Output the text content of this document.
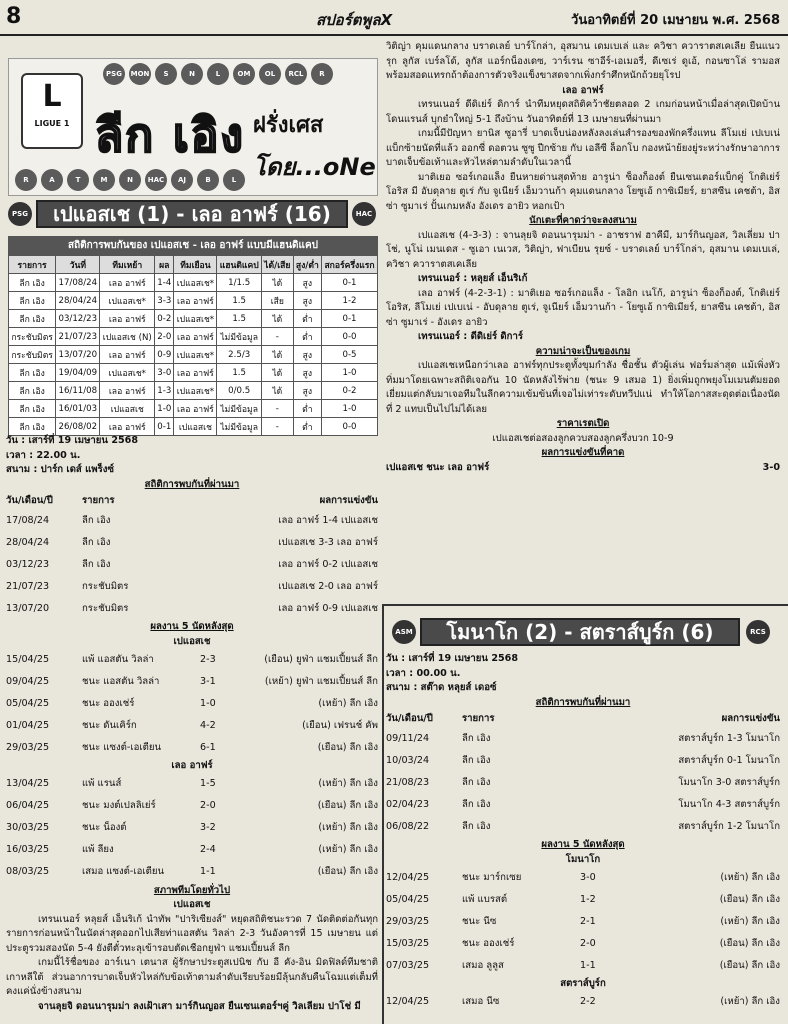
8	สปอร์ตพูลX	วันอาทิตย์ที่ 20 เมษายน พ.ศ. 2568
L
LIGUE 1
PSG	MON	S	N	L	OM	OL	RCL	R
ลีก เอิง ฝรั่งเศส
โดย...oNe
R	A	T	M	N	HAC	AJ	B	L
PSG	เปแอสเช (1) - เลอ อาฟร์ (16)	HAC
สถิติการพบกันของ เปแอสเช - เลอ อาฟร์ แบบมีแฮนดิแคป
รายการ	วันที่	ทีมเหย้า	ผล	ทีมเยือน	แฮนดิแคป	ได้/เสีย	สูง/ต่ำ	สกอร์ครึ่งแรก
ลีก เอิง	17/08/24	เลอ อาฟร์	1-4	เปแอสเช*	1/1.5	ได้	สูง	0-1
ลีก เอิง	28/04/24	เปแอสเช*	3-3	เลอ อาฟร์	1.5	เสีย	สูง	1-2
ลีก เอิง	03/12/23	เลอ อาฟร์	0-2	เปแอสเช*	1.5	ได้	ต่ำ	0-1
กระชับมิตร	21/07/23	เปแอสเช (N)	2-0	เลอ อาฟร์	ไม่มีข้อมูล	-	ต่ำ	0-0
กระชับมิตร	13/07/20	เลอ อาฟร์	0-9	เปแอสเช*	2.5/3	ได้	สูง	0-5
ลีก เอิง	19/04/09	เปแอสเช*	3-0	เลอ อาฟร์	1.5	ได้	สูง	1-0
ลีก เอิง	16/11/08	เลอ อาฟร์	1-3	เปแอสเช*	0/0.5	ได้	สูง	0-2
ลีก เอิง	16/01/03	เปแอสเช	1-0	เลอ อาฟร์	ไม่มีข้อมูล	-	ต่ำ	1-0
ลีก เอิง	26/08/02	เลอ อาฟร์	0-1	เปแอสเช	ไม่มีข้อมูล	-	ต่ำ	0-0
วัน : เสาร์ที่ 19 เมษายน 2568
เวลา : 22.00 น.
สนาม : ปาร์ก เดส์ แพร็งซ์
สถิติการพบกันที่ผ่านมา
วัน/เดือน/ปี	รายการ	ผลการแข่งขัน
17/08/24	ลีก เอิง	เลอ อาฟร์ 1-4 เปแอสเช
28/04/24	ลีก เอิง	เปแอสเช 3-3 เลอ อาฟร์
03/12/23	ลีก เอิง	เลอ อาฟร์ 0-2 เปแอสเช
21/07/23	กระชับมิตร	เปแอสเช 2-0 เลอ อาฟร์
13/07/20	กระชับมิตร	เลอ อาฟร์ 0-9 เปแอสเช
ผลงาน 5 นัดหลังสุด
เปแอสเช
15/04/25	แพ้ แอสตัน วิลล่า	2-3	(เยือน) ยูฟ่า แชมเปี้ยนส์ ลีก
09/04/25	ชนะ แอสตัน วิลล่า	3-1	(เหย้า) ยูฟ่า แชมเปี้ยนส์ ลีก
05/04/25	ชนะ อองเช่ร์	1-0	(เหย้า) ลีก เอิง
01/04/25	ชนะ ดันเคิร์ก	4-2	(เยือน) เฟรนช์ คัพ
29/03/25	ชนะ แซงต์-เอเตียน	6-1	(เยือน) ลีก เอิง
เลอ อาฟร์
13/04/25	แพ้ แรนส์	1-5	(เหย้า) ลีก เอิง
06/04/25	ชนะ มงต์เปลลิเย่ร์	2-0	(เยือน) ลีก เอิง
30/03/25	ชนะ น็องต์	3-2	(เหย้า) ลีก เอิง
16/03/25	แพ้ ลียง	2-4	(เหย้า) ลีก เอิง
08/03/25	เสมอ แซงต์-เอเตียน	1-1	(เยือน) ลีก เอิง
สภาพทีมโดยทั่วไป
เปแอสเช

เทรนเนอร์ หลุยส์ เอ็นริเก้ นำทัพ "ปาริเซียงส์" หยุดสถิติชนะรวด 7 นัดติดต่อกันทุกรายการก่อนหน้าในนัดล่าสุดออกไปเสียท่าแอสตัน วิลล่า 2-3 วันอังคารที่ 15 เมษายน แต่ประตูรวมสองนัด 5-4 ยังตีตั๋วทะลุเข้ารอบตัดเชือกยูฟ่า แชมเปี้ยนส์ ลีก

เกมนี้ไร้ชื่อของ อาร์เนา เตนาส ผู้รักษาประตูสเปนิช กับ อี คัง-อิน มิดฟิลด์ทีมชาติเกาหลีใต้ ส่วนอาการบาดเจ็บหัวไหล่กับข้อเท้าตามลำดับเรียบร้อยมีลุ้นกลับคืนโฉมแต่เต็มที่คงแค่นั่งข้างสนาม

จานลุยจิ ดอนนารุมม่า ลงเฝ้าเสา มาร์กินญอส ยืนเซนเตอร์ฯคู่ วิลเลียม ปาโช่ มี

วิติญ่า คุมแดนกลาง บราดเลย์ บาร์โกล่า, อุสมาน เดมเบเล่ และ ควิชา ควาราตสเคเลีย ยืนแนวรุก ลูกัส เบร์ลโด้, ลูกัส แอร์กน็องเดซ, วาร์เรน ซาอีร์-เอเมอรี่, ดีเซเร่ ดูเอ้, กอนซาโล่ รามอส พร้อมสอดแทรกถ้าต้องการตัวจริงแข็งขาสดจากเพิ่งกรำศึกหนักถ้วยยุโรป

เลอ อาฟร์

เทรนเนอร์ ดีดิเย่ร์ ดิการ์ นำทีมหยุดสถิติคว้าชัยตลอด 2 เกมก่อนหน้าเมื่อล่าสุดเปิดบ้านโดนแรนส์ บุกยำใหญ่ 5-1 ถึงบ้าน วันอาทิตย์ที่ 13 เมษายนที่ผ่านมา

เกมนี้มีปัญหา ยานิส ซูอารี่ บาดเจ็บน่องหลังลงเล่นสำรองของพักครึ่งแทน ลีโมเย่ เปเบเน่ แบ็กซ้ายนัดที่แล้ว ออกซี่ ดอตวน ซูซู ปีกซ้าย กับ เอลีซี ล็อกโบ กองหน้าย้ยงยู่ระหว่างรักษาอาการบาดเจ็บข้อเท้าและหัวไหล่ตามลำดับในเวลานี้

มาติเยอ ซอร์เกอแล็ง ยืนหายด่านสุดท้าย อารูน่า ซ็องก็องต์ ยืนเซนเตอร์แบ็กคู่ โกติเย่ร์ โอริส มี อับดุลาย ตูเร่ กับ จูเนียร์ เอ็มวานก้า คุมแดนกลาง โยซูเอ้ กาซิเมียร์, ยาสซีน เคชต้า, อิสซ่า ซูมาเร่ ปั้นเกมหลัง อังเดร อายิว หอกเป้า

นักเตะที่คาดว่าจะลงสนาม

เปแอสเช (4-3-3) : จานลุยจิ ดอนนารุมม่า - อาชราฟ ฮาคีมี, มาร์กินญอส, วิลเลี่ยม ปาโช่, นูโน่ เมนเดส - ซูเอา เนเวส, วิติญ่า, ฟาเบียน รุยซ์ - บราดเลย์ บาร์โกล่า, อุสมาน เดมเบเล่, ควิชา ควาราตสเคเลีย

เทรนเนอร์ : หลุยส์ เอ็นริเก้

เลอ อาฟร์ (4-2-3-1) : มาติเยอ ซอร์เกอแล็ง - โลอิก เนโก้, อารูน่า ซ็องก็องต์, โกติเย่ร์ โอริส, ลีโมเย่ เปเบเน่ - อับดุลาย ตูเร่, จูเนียร์ เอ็มวานก้า - โยซูเอ้ กาซิเมียร์, ยาสซีน เคชต้า, อิสซ่า ซูมาเร่ - อังเดร อายิว

เทรนเนอร์ : ดีดิเย่ร์ ดิการ์

ความน่าจะเป็นของเกม

เปแอสเชเหนือกว่าเลอ อาฟร์ทุกประตูทั้งขุมกำลัง ชื่อชั้น ตัวผู้เล่น ฟอร์มล่าสุด แม้เพิ่งหัวทิ่มมาโดยเฉพาะสถิติเจอกัน 10 นัดหลังไร้พ่าย (ชนะ 9 เสมอ 1) ยิ่งเพิ่มถูกพยุงโมเมนตัมยอดเยี่ยมแต่กลับมาเจอทีมในลีกความเข้มข้นที่เจอไม่เท่าระดับทวีปแน่ ทำให้โอกาสสะดุดต่อเนื่องนัดที่ 2 แทบเป็นไปไม่ได้เลย

ราคาเรตเปิด
เปแอสเชต่อสองลูกควบสองลูกครึ่งบวก 10-9
ผลการแข่งขันที่คาด
เปแอสเช ชนะ เลอ อาฟร์	3-0
ASM	โมนาโก (2) - สตราส์บูร์ก (6)	RCS
วัน : เสาร์ที่ 19 เมษายน 2568
เวลา : 00.00 น.
สนาม : สต๊าด หลุยส์ เดอซ์
สถิติการพบกันที่ผ่านมา
วัน/เดือน/ปี	รายการ	ผลการแข่งขัน
09/11/24	ลีก เอิง	สตราส์บูร์ก 1-3 โมนาโก
10/03/24	ลีก เอิง	สตราส์บูร์ก 0-1 โมนาโก
21/08/23	ลีก เอิง	โมนาโก 3-0 สตราส์บูร์ก
02/04/23	ลีก เอิง	โมนาโก 4-3 สตราส์บูร์ก
06/08/22	ลีก เอิง	สตราส์บูร์ก 1-2 โมนาโก
ผลงาน 5 นัดหลังสุด
โมนาโก
12/04/25	ชนะ มาร์กเซย	3-0	(เหย้า) ลีก เอิง
05/04/25	แพ้ แบรสต์	1-2	(เยือน) ลีก เอิง
29/03/25	ชนะ นีซ	2-1	(เหย้า) ลีก เอิง
15/03/25	ชนะ อองเช่ร์	2-0	(เยือน) ลีก เอิง
07/03/25	เสมอ ลูลูส	1-1	(เยือน) ลีก เอิง
สตราส์บูร์ก
12/04/25	เสมอ นีซ	2-2	(เหย้า) ลีก เอิง
